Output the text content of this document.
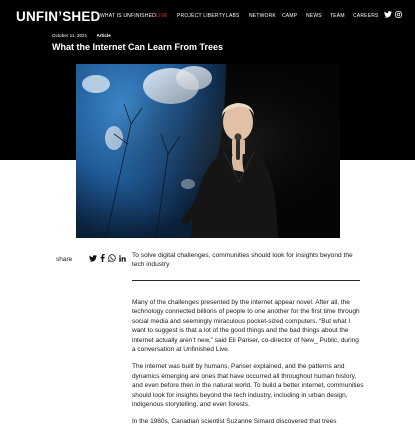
UNFIN’SHED WHAT IS UNFINISHED LIVE PROJECT LIBERTY LABS NETWORK CAMP NEWS TEAM CAREERS
October 11, 2021 Article
What the Internet Can Learn From Trees
share
To solve digital challenges, communities should look for insights beyond the tech industry

Many of the challenges presented by the internet appear novel. After all, the technology connected billions of people to one another for the first time through social media and seemingly miraculous pocket-sized computers. “But what I want to suggest is that a lot of the good things and the bad things about the internet actually aren’t new,” said Eli Pariser, co-director of New_ Public, during a conversation at Unfinished Live.

The internet was built by humans, Pariser explained, and the patterns and dynamics emerging are ones that have occurred all throughout human history, and even before then in the natural world. To build a better internet, communities should look for insights beyond the tech industry, including in urban design, indigenous storytelling, and even forests.

In the 1980s, Canadian scientist Suzanne Simard discovered that trees
